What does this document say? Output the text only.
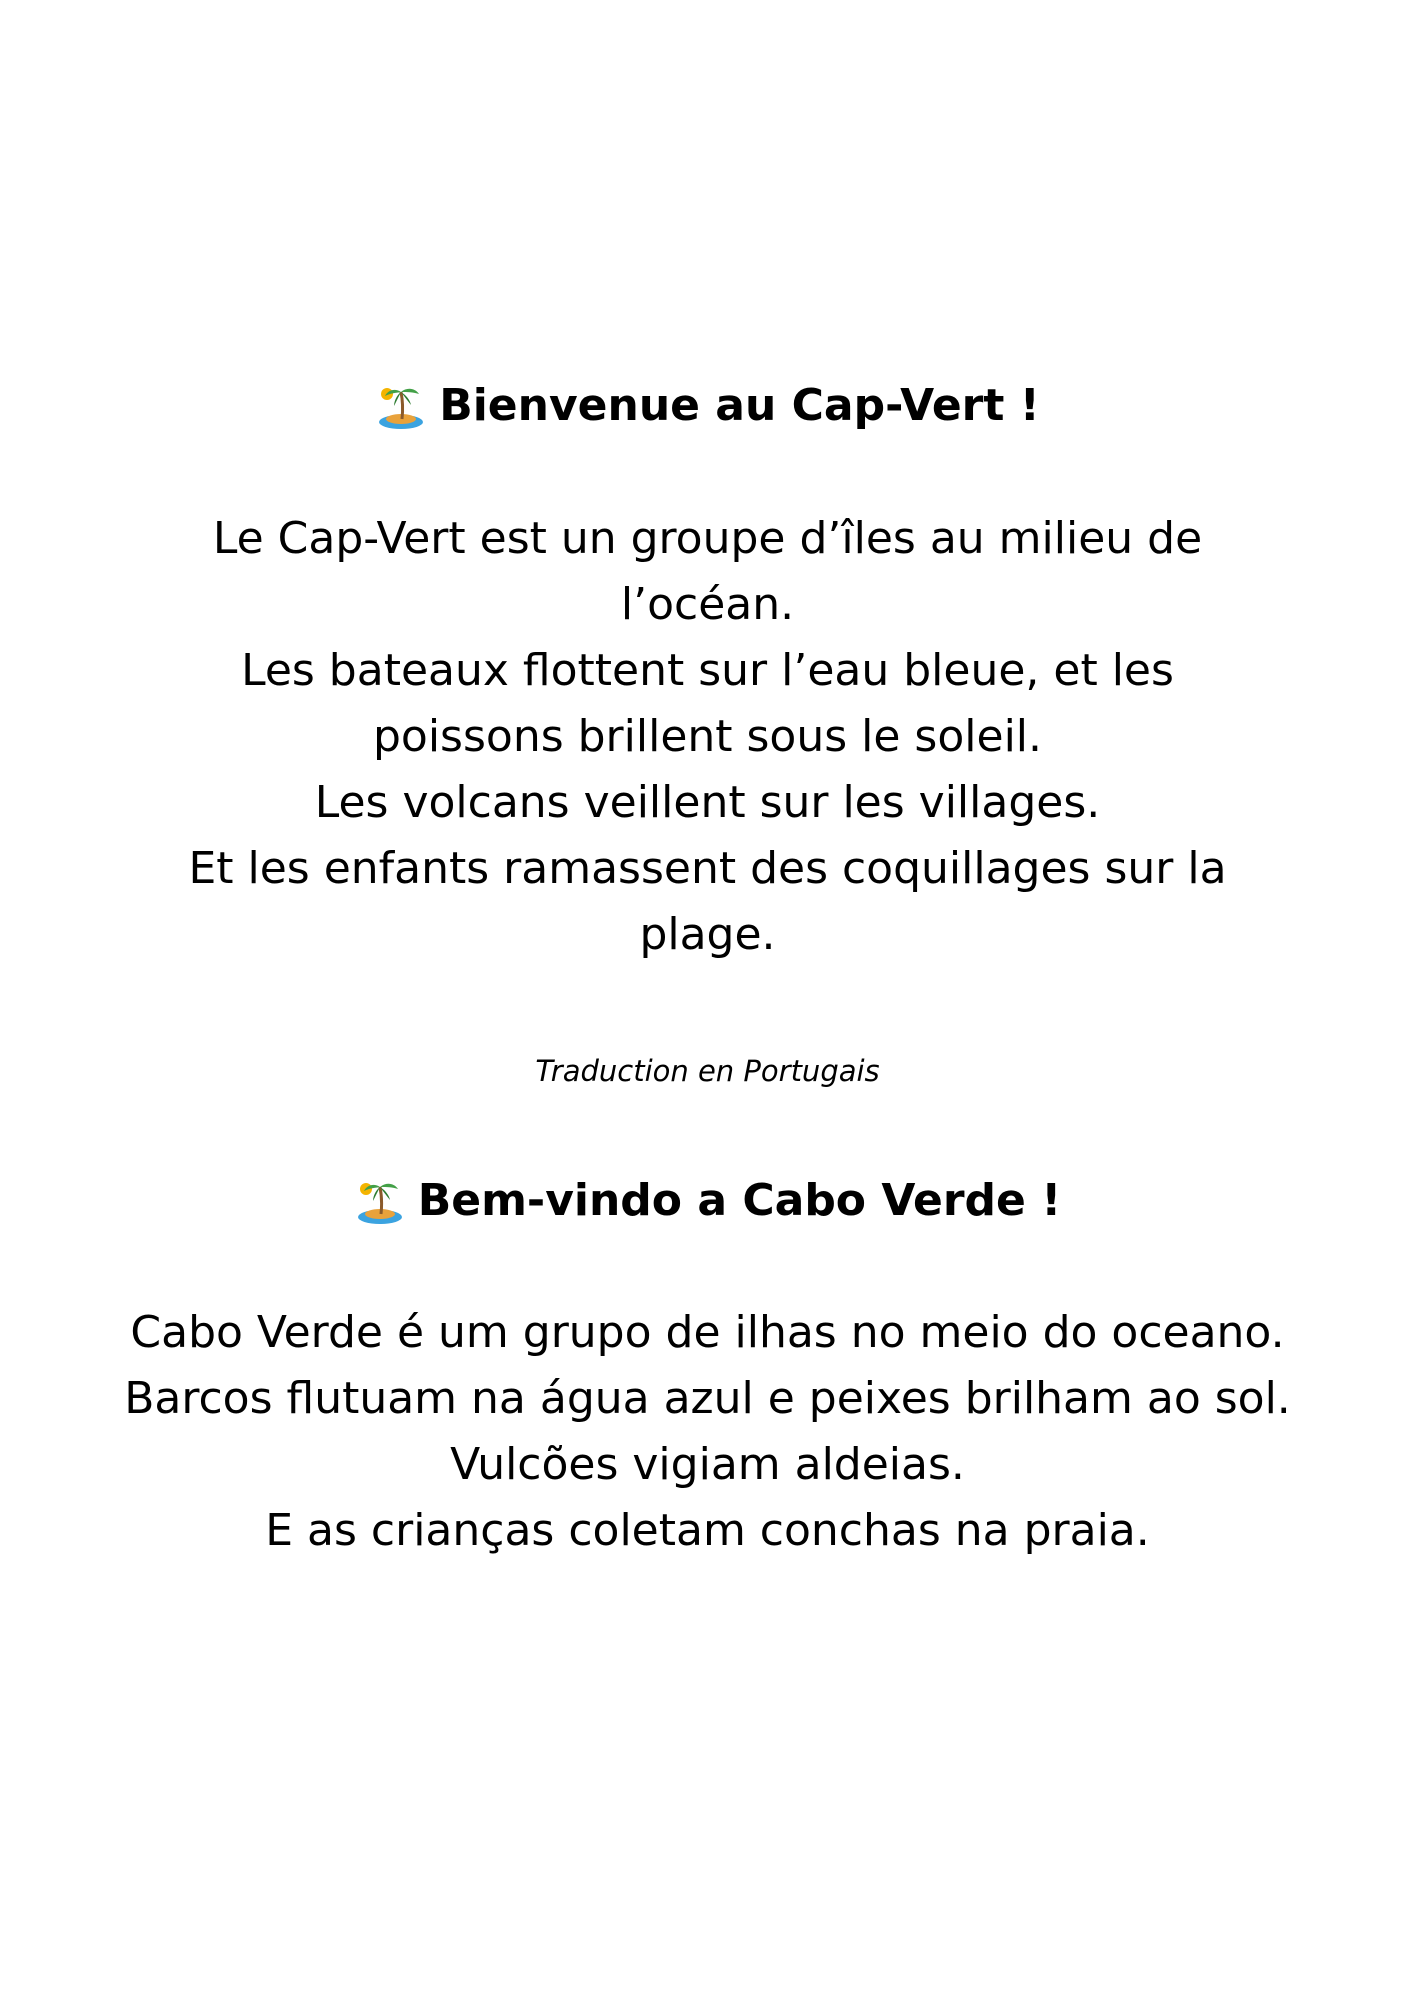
Bienvenue au Cap-Vert !
Le Cap-Vert est un groupe d’îles au milieu de l’océan.
Les bateaux flottent sur l’eau bleue, et les poissons brillent sous le soleil.
Les volcans veillent sur les villages.
Et les enfants ramassent des coquillages sur la plage.
Traduction en Portugais
Bem-vindo a Cabo Verde !
Cabo Verde é um grupo de ilhas no meio do oceano.
Barcos flutuam na água azul e peixes brilham ao sol.
Vulcões vigiam aldeias.
E as crianças coletam conchas na praia.
